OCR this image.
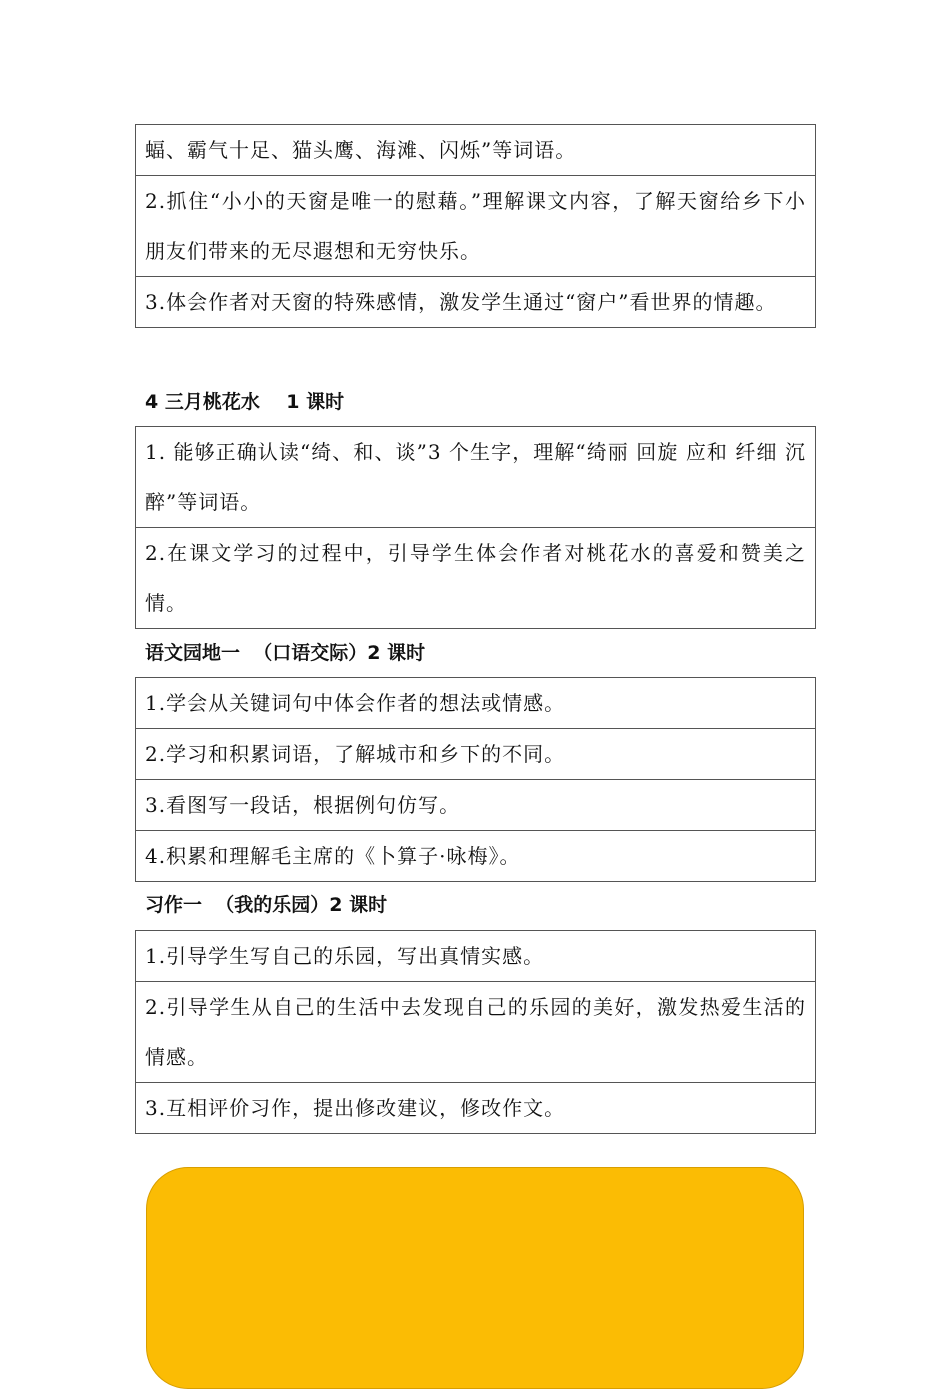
蝠、霸气十足、猫头鹰、海滩、闪烁”等词语。
2.抓住“小小的天窗是唯一的慰藉。”理解课文内容，了解天窗给乡下小朋友们带来的无尽遐想和无穷快乐。
3.体会作者对天窗的特殊感情，激发学生通过“窗户”看世界的情趣。
4 三月桃花水    1 课时
1. 能够正确认读“绮、和、谈”3 个生字，理解“绮丽 回旋 应和 纤细 沉醉”等词语。
2.在课文学习的过程中，引导学生体会作者对桃花水的喜爱和赞美之情。
语文园地一  （口语交际）2 课时
1.学会从关键词句中体会作者的想法或情感。
2.学习和积累词语，了解城市和乡下的不同。
3.看图写一段话，根据例句仿写。
4.积累和理解毛主席的《卜算子·咏梅》。
习作一  （我的乐园）2 课时
1.引导学生写自己的乐园，写出真情实感。
2.引导学生从自己的生活中去发现自己的乐园的美好，激发热爱生活的情感。
3.互相评价习作，提出修改建议，修改作文。
